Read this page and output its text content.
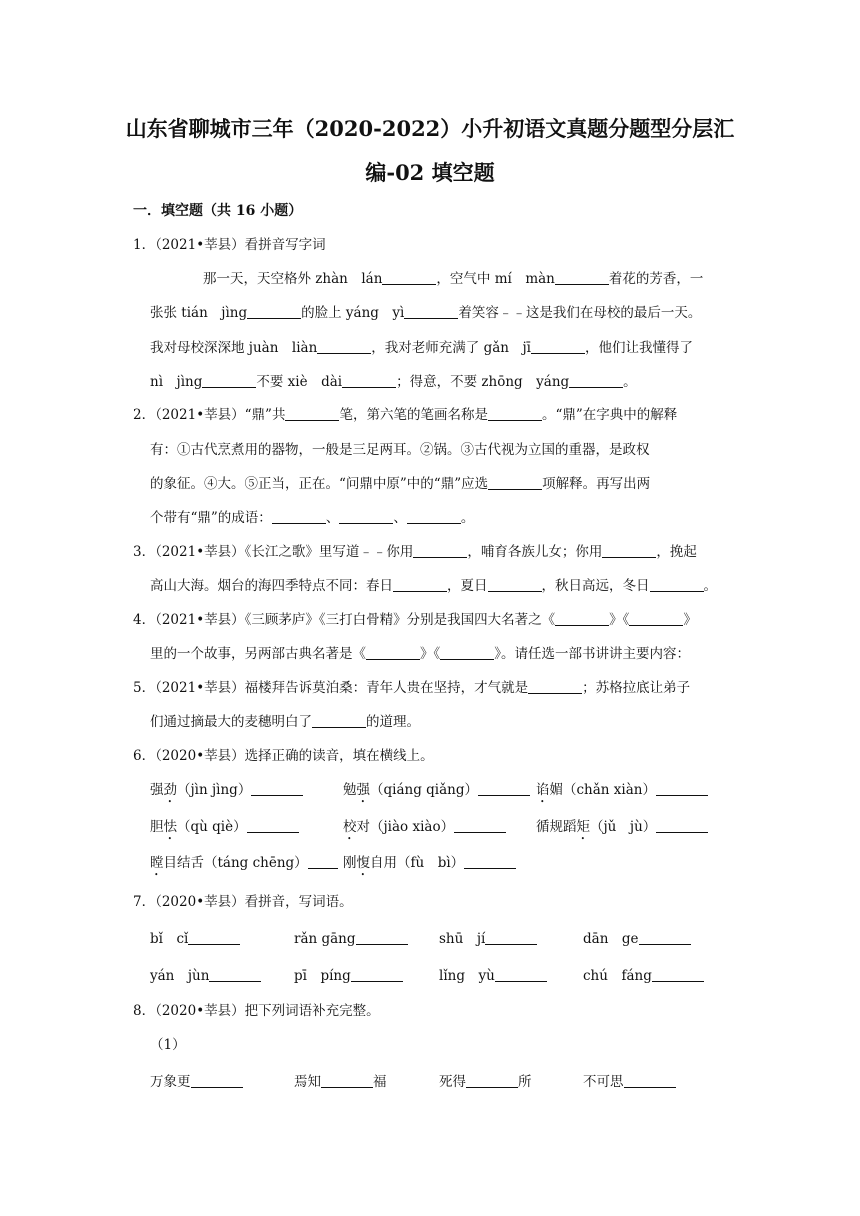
山东省聊城市三年（2020-2022）小升初语文真题分题型分层汇
编-02 填空题
一．填空题（共 16 小题）
1．（2021•莘县）看拼音写字词
那一天，天空格外 zhàn　lán	，空气中 mí　màn	着花的芳香，一
张张 tián　jìng	的脸上 yáng　yì	着笑容﹣﹣这是我们在母校的最后一天。
我对母校深深地 juàn　liàn	，我对老师充满了 gǎn　jī	，他们让我懂得了
nì　jìng	不要 xiè　dài	；得意，不要 zhōng　yáng	。
2．（2021•莘县）“鼎”共	笔，第六笔的笔画名称是	。“鼎”在字典中的解释
有：①古代烹煮用的器物，一般是三足两耳。②锅。③古代视为立国的重器，是政权
的象征。④大。⑤正当，正在。“问鼎中原”中的“鼎”应选	项解释。再写出两
个带有“鼎”的成语：	、	、	。
3．（2021•莘县）《长江之歌》里写道﹣﹣你用	，哺育各族儿女；你用	，挽起
高山大海。烟台的海四季特点不同：春日	，夏日	，秋日高远，冬日	。
4．（2021•莘县）《三顾茅庐》《三打白骨精》分别是我国四大名著之《	》《	》
里的一个故事，另两部古典名著是《	》《	》。请任选一部书讲讲主要内容：
5．（2021•莘县）福楼拜告诉莫泊桑：青年人贵在坚持，才气就是	；苏格拉底让弟子
们通过摘最大的麦穗明白了	的道理。
6．（2020•莘县）选择正确的读音，填在横线上。
强劲（jìn jìng）	勉强（qiáng qiǎng）	谄媚（chǎn xiàn）
胆怯（qù qiè）	校对（jiào xiào）	循规蹈矩（jǔ　jù）
瞠目结舌（táng chēng）	刚愎自用（fù　bì）
7．（2020•莘县）看拼音，写词语。
bǐ　cǐ	rǎn gāng	shū　jí	dān　ge
yán　jùn	pī　píng	lǐng　yù	chú　fáng
8．（2020•莘县）把下列词语补充完整。
（1）
万象更	焉知	福	死得	所	不可思
